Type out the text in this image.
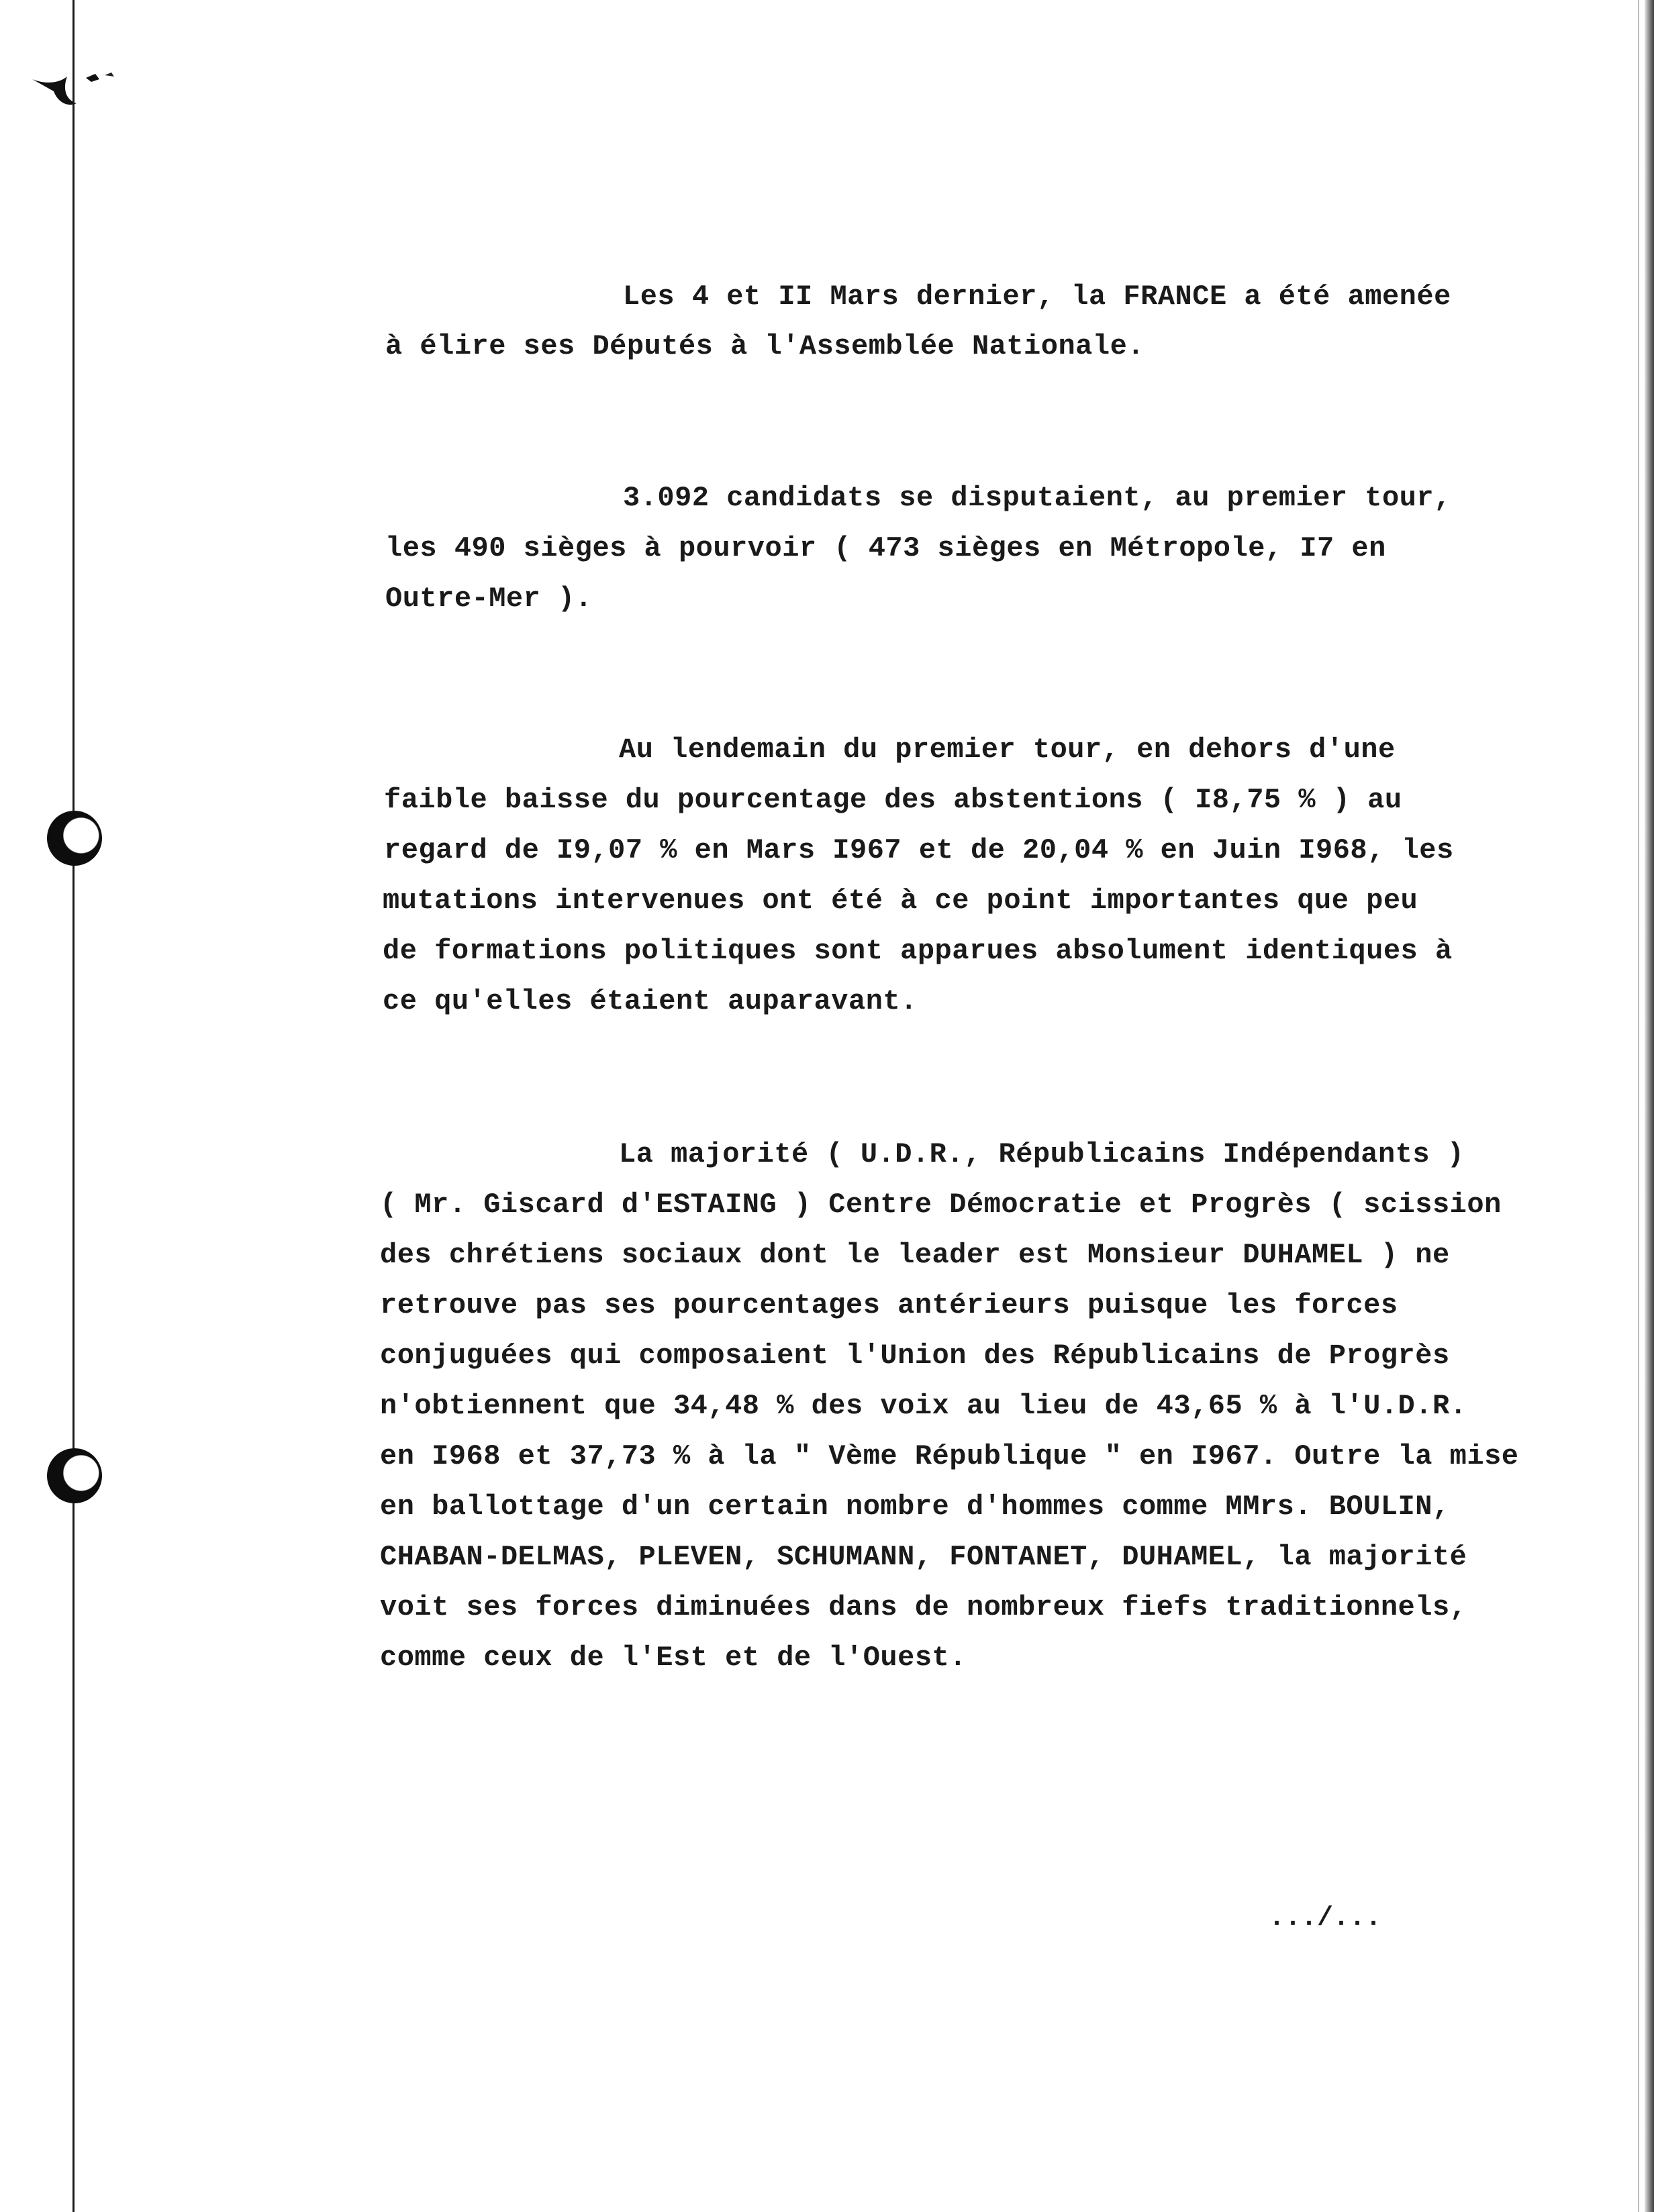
Les 4 et II Mars dernier, la FRANCE a été amenée

à élire ses Députés à l'Assemblée Nationale.

3.092 candidats se disputaient, au premier tour,

les 490 sièges à pourvoir ( 473 sièges en Métropole, I7 en

Outre-Mer ).

Au lendemain du premier tour, en dehors d'une

faible baisse du pourcentage des abstentions ( I8,75 % ) au

regard de I9,07 % en Mars I967 et de 20,04 % en Juin I968, les

mutations intervenues ont été à ce point importantes que peu

de formations politiques sont apparues absolument identiques à

ce qu'elles étaient auparavant.

La majorité ( U.D.R., Républicains Indépendants )

( Mr. Giscard d'ESTAING ) Centre Démocratie et Progrès ( scission

des chrétiens sociaux dont le leader est Monsieur DUHAMEL ) ne

retrouve pas ses pourcentages antérieurs puisque les forces

conjuguées qui composaient l'Union des Républicains de Progrès

n'obtiennent que 34,48 % des voix au lieu de 43,65 % à l'U.D.R.

en I968 et 37,73 % à la " Vème République " en I967. Outre la mise

en ballottage d'un certain nombre d'hommes comme MMrs. BOULIN,

CHABAN-DELMAS, PLEVEN, SCHUMANN, FONTANET, DUHAMEL, la majorité

voit ses forces diminuées dans de nombreux fiefs traditionnels,

comme ceux de l'Est et de l'Ouest.

.../...
